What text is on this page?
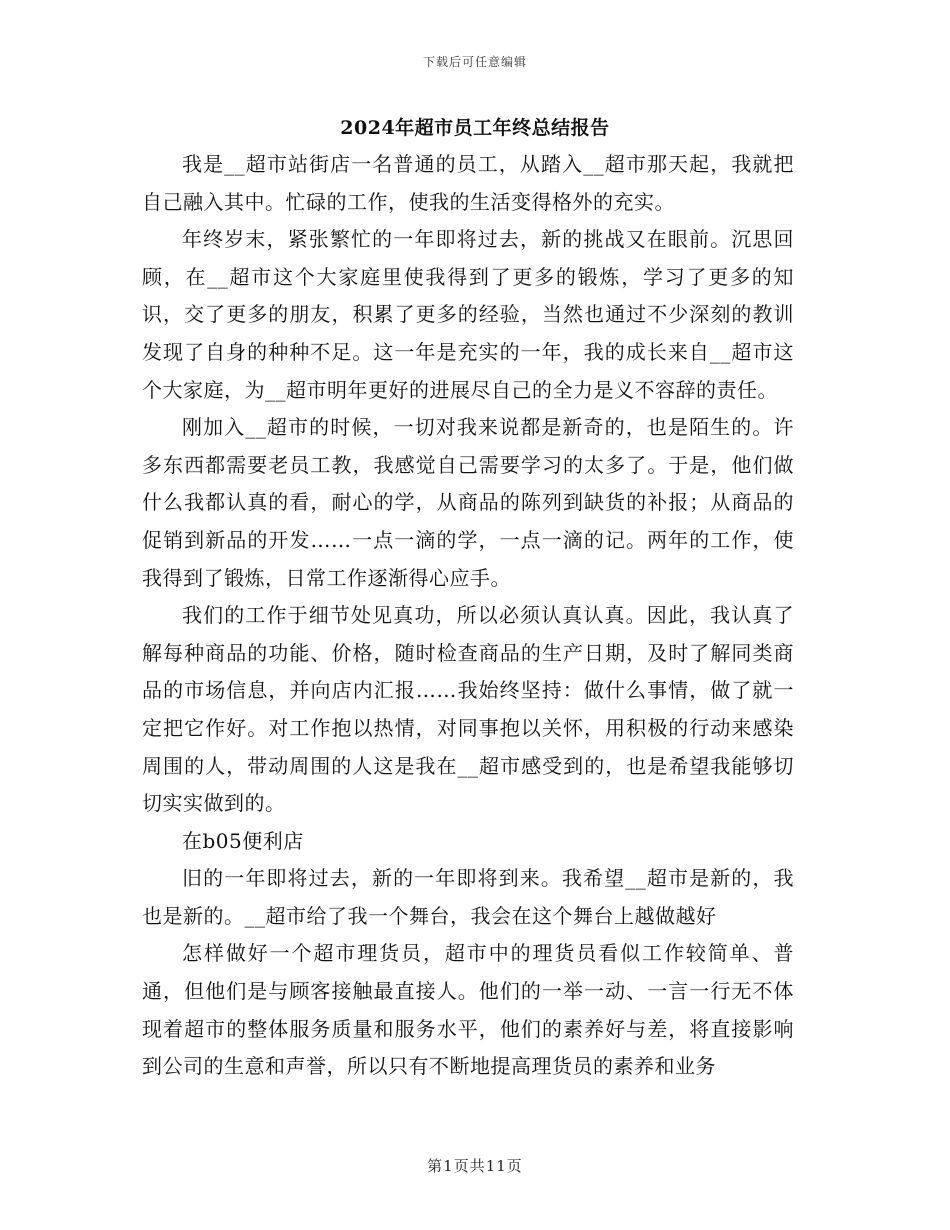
下载后可任意编辑
2024年超市员工年终总结报告

我是__超市站街店一名普通的员工，从踏入__超市那天起，我就把自己融入其中。忙碌的工作，使我的生活变得格外的充实。

年终岁末，紧张繁忙的一年即将过去，新的挑战又在眼前。沉思回顾，在__超市这个大家庭里使我得到了更多的锻炼，学习了更多的知识，交了更多的朋友，积累了更多的经验，当然也通过不少深刻的教训发现了自身的种种不足。这一年是充实的一年，我的成长来自__超市这个大家庭，为__超市明年更好的进展尽自己的全力是义不容辞的责任。

刚加入__超市的时候，一切对我来说都是新奇的，也是陌生的。许多东西都需要老员工教，我感觉自己需要学习的太多了。于是，他们做什么我都认真的看，耐心的学，从商品的陈列到缺货的补报；从商品的促销到新品的开发……一点一滴的学，一点一滴的记。两年的工作，使我得到了锻炼，日常工作逐渐得心应手。

我们的工作于细节处见真功，所以必须认真认真。因此，我认真了解每种商品的功能、价格，随时检查商品的生产日期，及时了解同类商品的市场信息，并向店内汇报……我始终坚持：做什么事情，做了就一定把它作好。对工作抱以热情，对同事抱以关怀，用积极的行动来感染周围的人，带动周围的人这是我在__超市感受到的，也是希望我能够切切实实做到的。

在b05便利店

旧的一年即将过去，新的一年即将到来。我希望__超市是新的，我也是新的。__超市给了我一个舞台，我会在这个舞台上越做越好

怎样做好一个超市理货员，超市中的理货员看似工作较简单、普通，但他们是与顾客接触最直接人。他们的一举一动、一言一行无不体现着超市的整体服务质量和服务水平，他们的素养好与差，将直接影响到公司的生意和声誉，所以只有不断地提高理货员的素养和业务

第1页共11页
